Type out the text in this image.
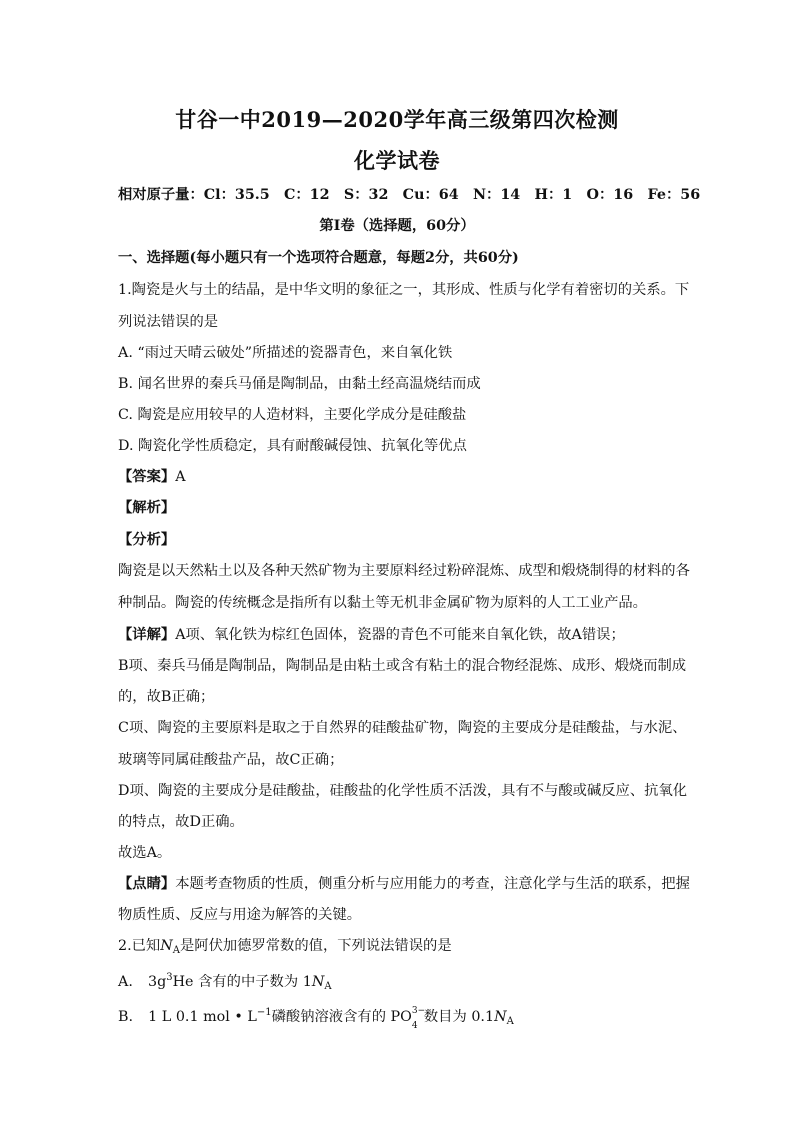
甘谷一中2019—2020学年高三级第四次检测
化学试卷
相对原子量：Cl：35.5　C：12　S：32　Cu：64　N：14　H：1　O：16　Fe：56
第Ⅰ卷（选择题，60分）
一、选择题(每小题只有一个选项符合题意，每题2分，共60分)
1.陶瓷是火与土的结晶，是中华文明的象征之一，其形成、性质与化学有着密切的关系。下
列说法错误的是
A. “雨过天晴云破处”所描述的瓷器青色，来自氧化铁
B. 闻名世界的秦兵马俑是陶制品，由黏土经高温烧结而成
C. 陶瓷是应用较早的人造材料，主要化学成分是硅酸盐
D. 陶瓷化学性质稳定，具有耐酸碱侵蚀、抗氧化等优点
【答案】A
【解析】
【分析】
陶瓷是以天然粘土以及各种天然矿物为主要原料经过粉碎混炼、成型和煅烧制得的材料的各
种制品。陶瓷的传统概念是指所有以黏土等无机非金属矿物为原料的人工工业产品。
【详解】A项、氧化铁为棕红色固体，瓷器的青色不可能来自氧化铁，故A错误；
B项、秦兵马俑是陶制品，陶制品是由粘土或含有粘土的混合物经混炼、成形、煅烧而制成
的，故B正确；
C项、陶瓷的主要原料是取之于自然界的硅酸盐矿物，陶瓷的主要成分是硅酸盐，与水泥、
玻璃等同属硅酸盐产品，故C正确；
D项、陶瓷的主要成分是硅酸盐，硅酸盐的化学性质不活泼，具有不与酸或碱反应、抗氧化
的特点，故D正确。
故选A。
【点睛】本题考查物质的性质，侧重分析与应用能力的考查，注意化学与生活的联系，把握
物质性质、反应与用途为解答的关键。
2.已知$N_A$是阿伏加德罗常数的值，下列说法错误的是
A. $3g^3He$ 含有的中子数为 $1N_A$
B. 1 L 0.1 mol • $L^{-1}$磷酸钠溶液含有的 PO 3−
4
数目为 $0.1N_A$
